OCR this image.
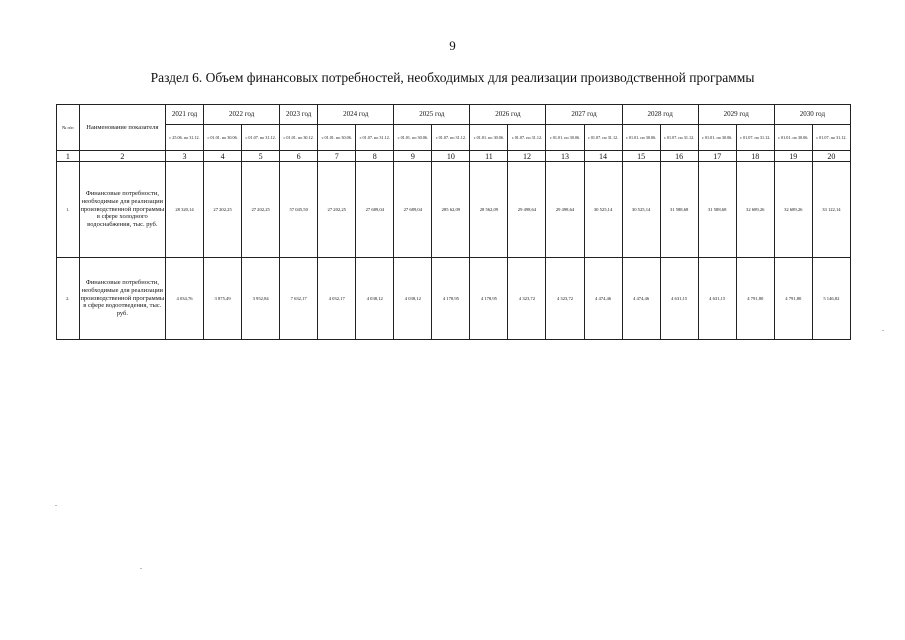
9
Раздел 6. Объем финансовых потребностей, необходимых для реализации производственной программы
№ п/п	Наименование показателя	2021 год	2022 год		2023 год	2024 год		2025 год		2026 год		2027 год		2028 год		2029 год		2030 год	
		с 25.06. по 31.12.	с 01.01. по 30.06.	с 01.07. по 31.12.	с 01.01. по 30.12.	с 01.01. по 30.06.	с 01.07. по 31.12.	с 01.01. по 30.06.	с 01.07. по 31.12.	с 01.01. по 30.06.	с 01.07. по 31.12.	с 01.01. по 30.06.	с 01.07. по 31.12.	с 01.01. по 30.06.	с 01.07. по 31.12.	с 01.01. по 30.06.	с 01.07. по 31.12.	с 01.01. по 30.06.	с 01.07. по 31.12.
1	2	3	4	5	6	7	8	9	10	11	12	13	14	15	16	17	18	19	20
1.	Финансовые потребности, необходимые для реализации производственной программы в сфере холодного водоснабжения, тыс. руб.	28 320,14	27 202,25	27 202,25	57 045,50	27 202,25	27 689,04	27 689,04	285 62,09	28 562,09	29 498,64	29 498,64	30 525,14	30 525,14	31 588,68	31 588,68	32 689,26	32 689,26	33 122,14
2.	Финансовые потребности, необходимые для реализации производственной программы в сфере водоотведения, тыс. руб.	4 034,76	3 875,49	3 952,84	7 632,17	4 032,17	4 038,12	4 038,12	4 178,95	4 178,95	4 323,72	4 323,72	4 474,46	4 474,46	4 631,15	4 631,15	4 791,80	4 791,80	5 146,82
